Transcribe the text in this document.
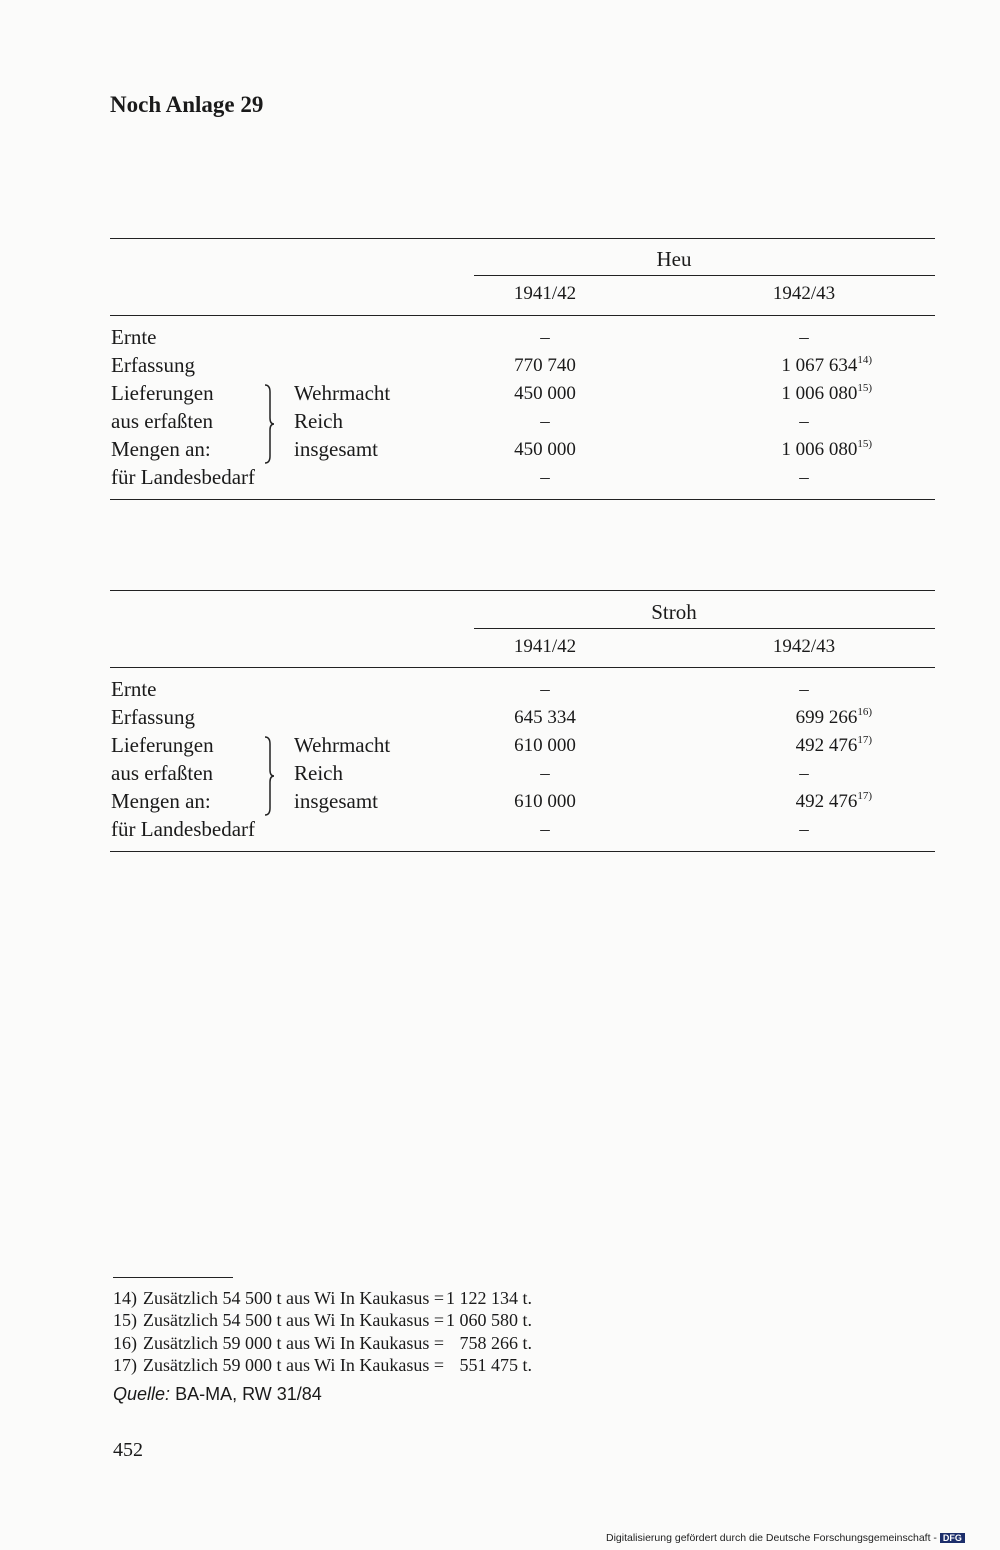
Noch Anlage 29
Heu
1941/42	1942/43
Ernte	–	–
Erfassung	770 740	1 067 634$^{14)}$
Lieferungen	Wehrmacht	450 000	1 006 080$^{15)}$
aus erfaßten	Reich	–	–
Mengen an:	insgesamt	450 000	1 006 080$^{15)}$
für Landesbedarf	–	–
Stroh
1941/42	1942/43
Ernte	–	–
Erfassung	645 334	699 266$^{16)}$
Lieferungen	Wehrmacht	610 000	492 476$^{17)}$
aus erfaßten	Reich	–	–
Mengen an:	insgesamt	610 000	492 476$^{17)}$
für Landesbedarf	–	–
14) Zusätzlich 54 500 t aus Wi In Kaukasus = 1 122 134 t.
15) Zusätzlich 54 500 t aus Wi In Kaukasus = 1 060 580 t.
16) Zusätzlich 59 000 t aus Wi In Kaukasus = 758 266 t.
17) Zusätzlich 59 000 t aus Wi In Kaukasus = 551 475 t.
Quelle: BA-MA, RW 31/84
452
Digitalisierung gefördert durch die Deutsche Forschungsgemeinschaft - DFG
